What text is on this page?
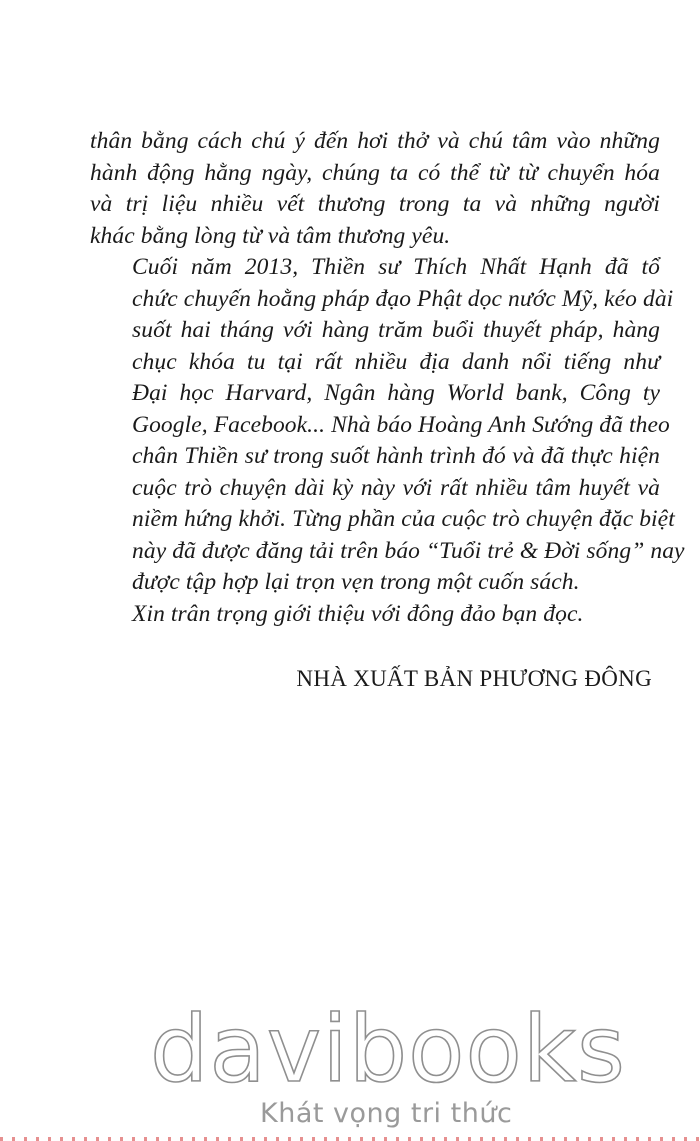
thân bằng cách chú ý đến hơi thở và chú tâm vào những
hành động hằng ngày, chúng ta có thể từ từ chuyển hóa
và trị liệu nhiều vết thương trong ta và những người
khác bằng lòng từ và tâm thương yêu.
Cuối năm 2013, Thiền sư Thích Nhất Hạnh đã tổ
chức chuyến hoằng pháp đạo Phật dọc nước Mỹ, kéo dài
suốt hai tháng với hàng trăm buổi thuyết pháp, hàng
chục khóa tu tại rất nhiều địa danh nổi tiếng như
Đại học Harvard, Ngân hàng World bank, Công ty
Google, Facebook... Nhà báo Hoàng Anh Sướng đã theo
chân Thiền sư trong suốt hành trình đó và đã thực hiện
cuộc trò chuyện dài kỳ này với rất nhiều tâm huyết và
niềm hứng khởi. Từng phần của cuộc trò chuyện đặc biệt
này đã được đăng tải trên báo “Tuổi trẻ & Đời sống” nay
được tập hợp lại trọn vẹn trong một cuốn sách.
Xin trân trọng giới thiệu với đông đảo bạn đọc.
NHÀ XUẤT BẢN PHƯƠNG ĐÔNG
davibooks
Khát vọng tri thức
